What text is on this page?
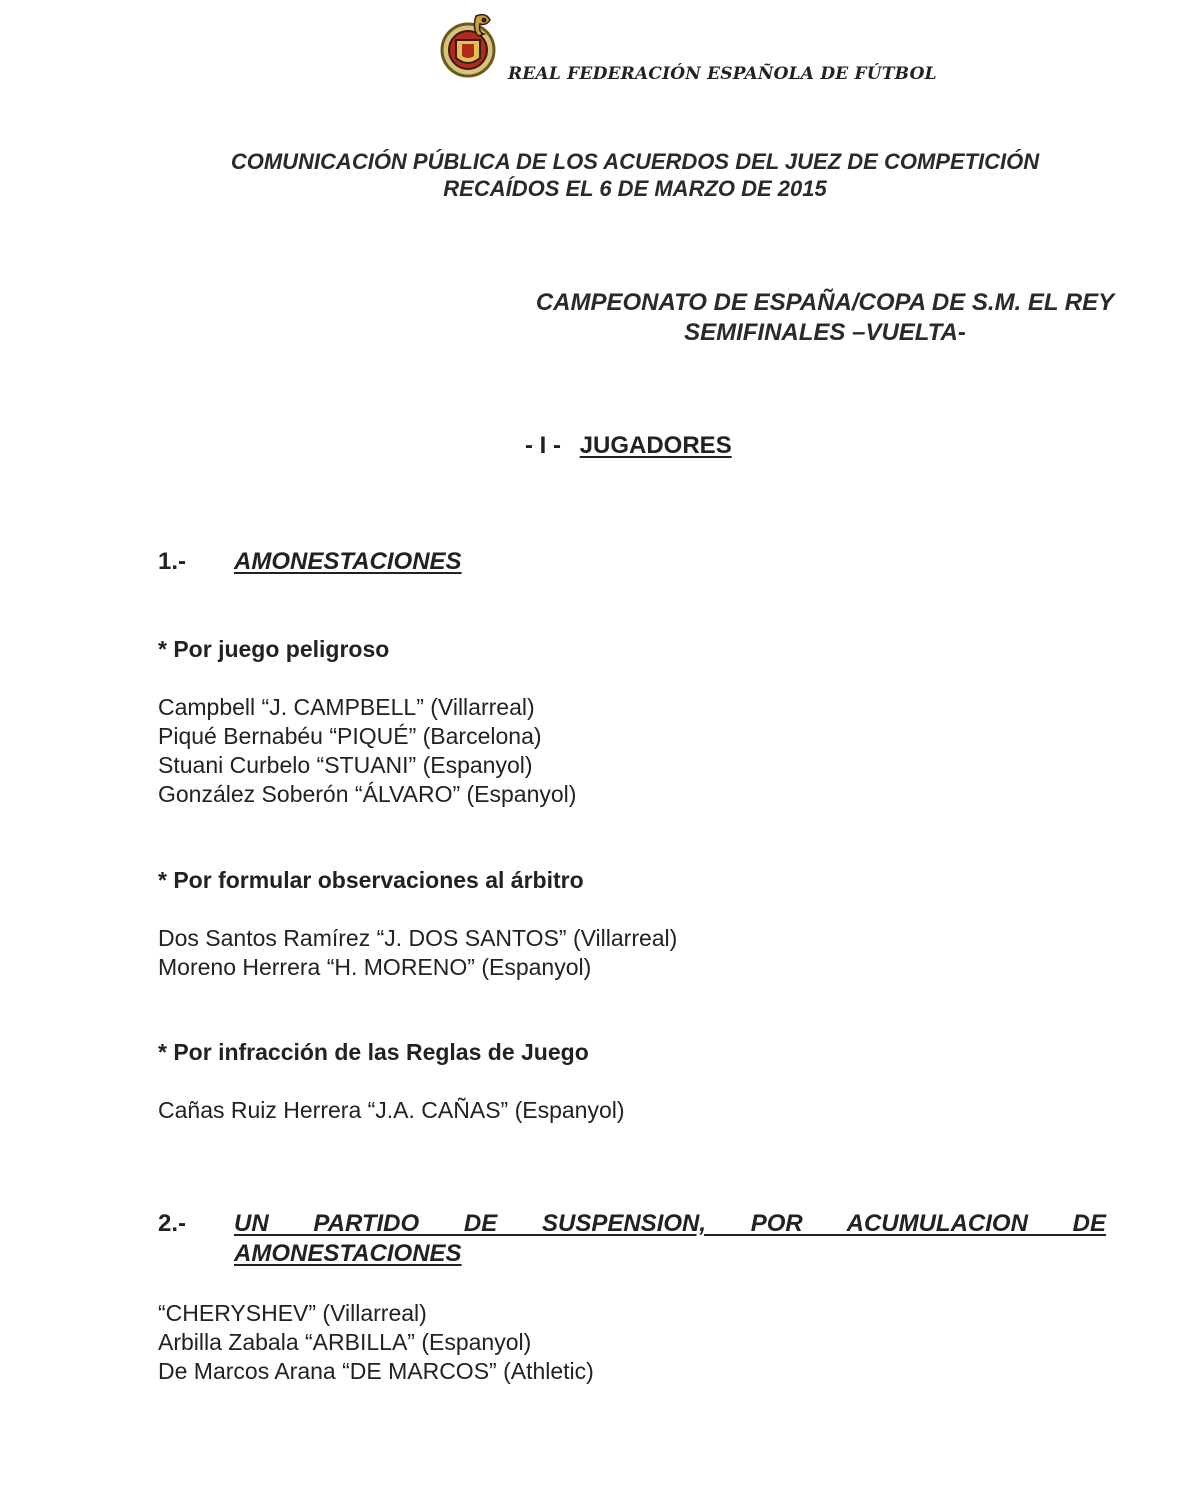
REAL FEDERACIÓN ESPAÑOLA DE FÚTBOL
COMUNICACIÓN PÚBLICA DE LOS ACUERDOS DEL JUEZ DE COMPETICIÓN
RECAÍDOS EL 6 DE MARZO DE 2015
CAMPEONATO DE ESPAÑA/COPA DE S.M. EL REY
SEMIFINALES –VUELTA-
- I - JUGADORES
1.- AMONESTACIONES
* Por juego peligroso
Campbell “J. CAMPBELL” (Villarreal)
Piqué Bernabéu “PIQUÉ” (Barcelona)
Stuani Curbelo “STUANI” (Espanyol)
González Soberón “ÁLVARO” (Espanyol)
* Por formular observaciones al árbitro
Dos Santos Ramírez “J. DOS SANTOS” (Villarreal)
Moreno Herrera “H. MORENO” (Espanyol)
* Por infracción de las Reglas de Juego
Cañas Ruiz Herrera “J.A. CAÑAS” (Espanyol)
2.- UN PARTIDO DE SUSPENSION, POR ACUMULACION DE
AMONESTACIONES
“CHERYSHEV” (Villarreal)
Arbilla Zabala “ARBILLA” (Espanyol)
De Marcos Arana “DE MARCOS” (Athletic)
